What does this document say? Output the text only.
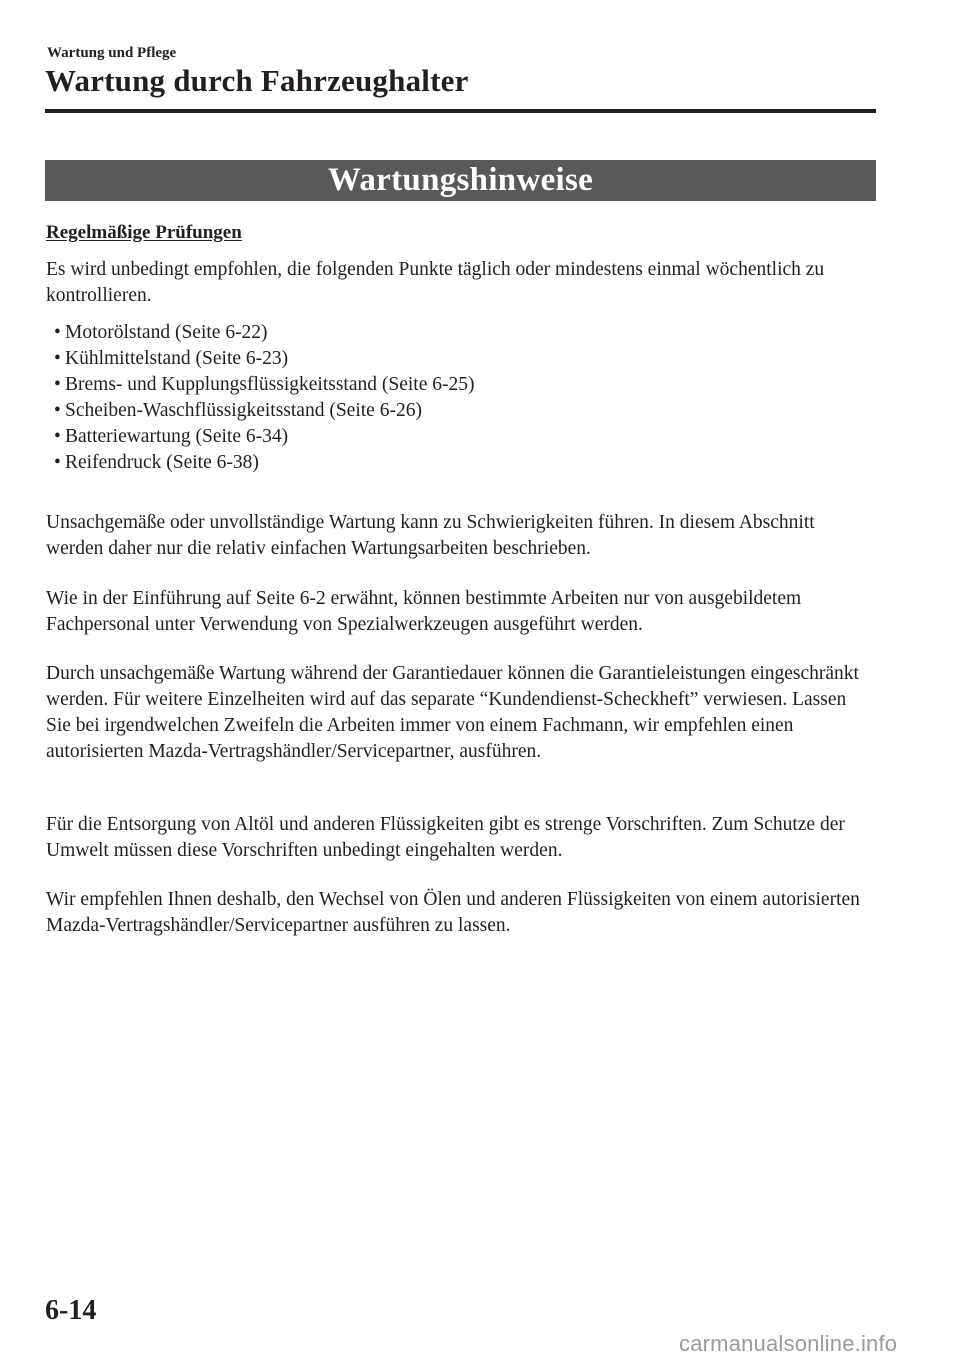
Wartung und Pflege
Wartung durch Fahrzeughalter
Wartungshinweise
Regelmäßige Prüfungen

Es wird unbedingt empfohlen, die folgenden Punkte täglich oder mindestens einmal wöchentlich zu kontrollieren.

• Motorölstand (Seite 6-22)
• Kühlmittelstand (Seite 6-23)
• Brems- und Kupplungsflüssigkeitsstand (Seite 6-25)
• Scheiben-Waschflüssigkeitsstand (Seite 6-26)
• Batteriewartung (Seite 6-34)
• Reifendruck (Seite 6-38)

Unsachgemäße oder unvollständige Wartung kann zu Schwierigkeiten führen. In diesem Abschnitt werden daher nur die relativ einfachen Wartungsarbeiten beschrieben.

Wie in der Einführung auf Seite 6-2 erwähnt, können bestimmte Arbeiten nur von ausgebildetem Fachpersonal unter Verwendung von Spezialwerkzeugen ausgeführt werden.

Durch unsachgemäße Wartung während der Garantiedauer können die Garantieleistungen eingeschränkt werden. Für weitere Einzelheiten wird auf das separate “Kundendienst-Scheckheft” verwiesen. Lassen Sie bei irgendwelchen Zweifeln die Arbeiten immer von einem Fachmann, wir empfehlen einen autorisierten Mazda-Vertragshändler/Servicepartner, ausführen.

Für die Entsorgung von Altöl und anderen Flüssigkeiten gibt es strenge Vorschriften. Zum Schutze der Umwelt müssen diese Vorschriften unbedingt eingehalten werden.

Wir empfehlen Ihnen deshalb, den Wechsel von Ölen und anderen Flüssigkeiten von einem autorisierten Mazda-Vertragshändler/Servicepartner ausführen zu lassen.

6-14
carmanualsonline.info
